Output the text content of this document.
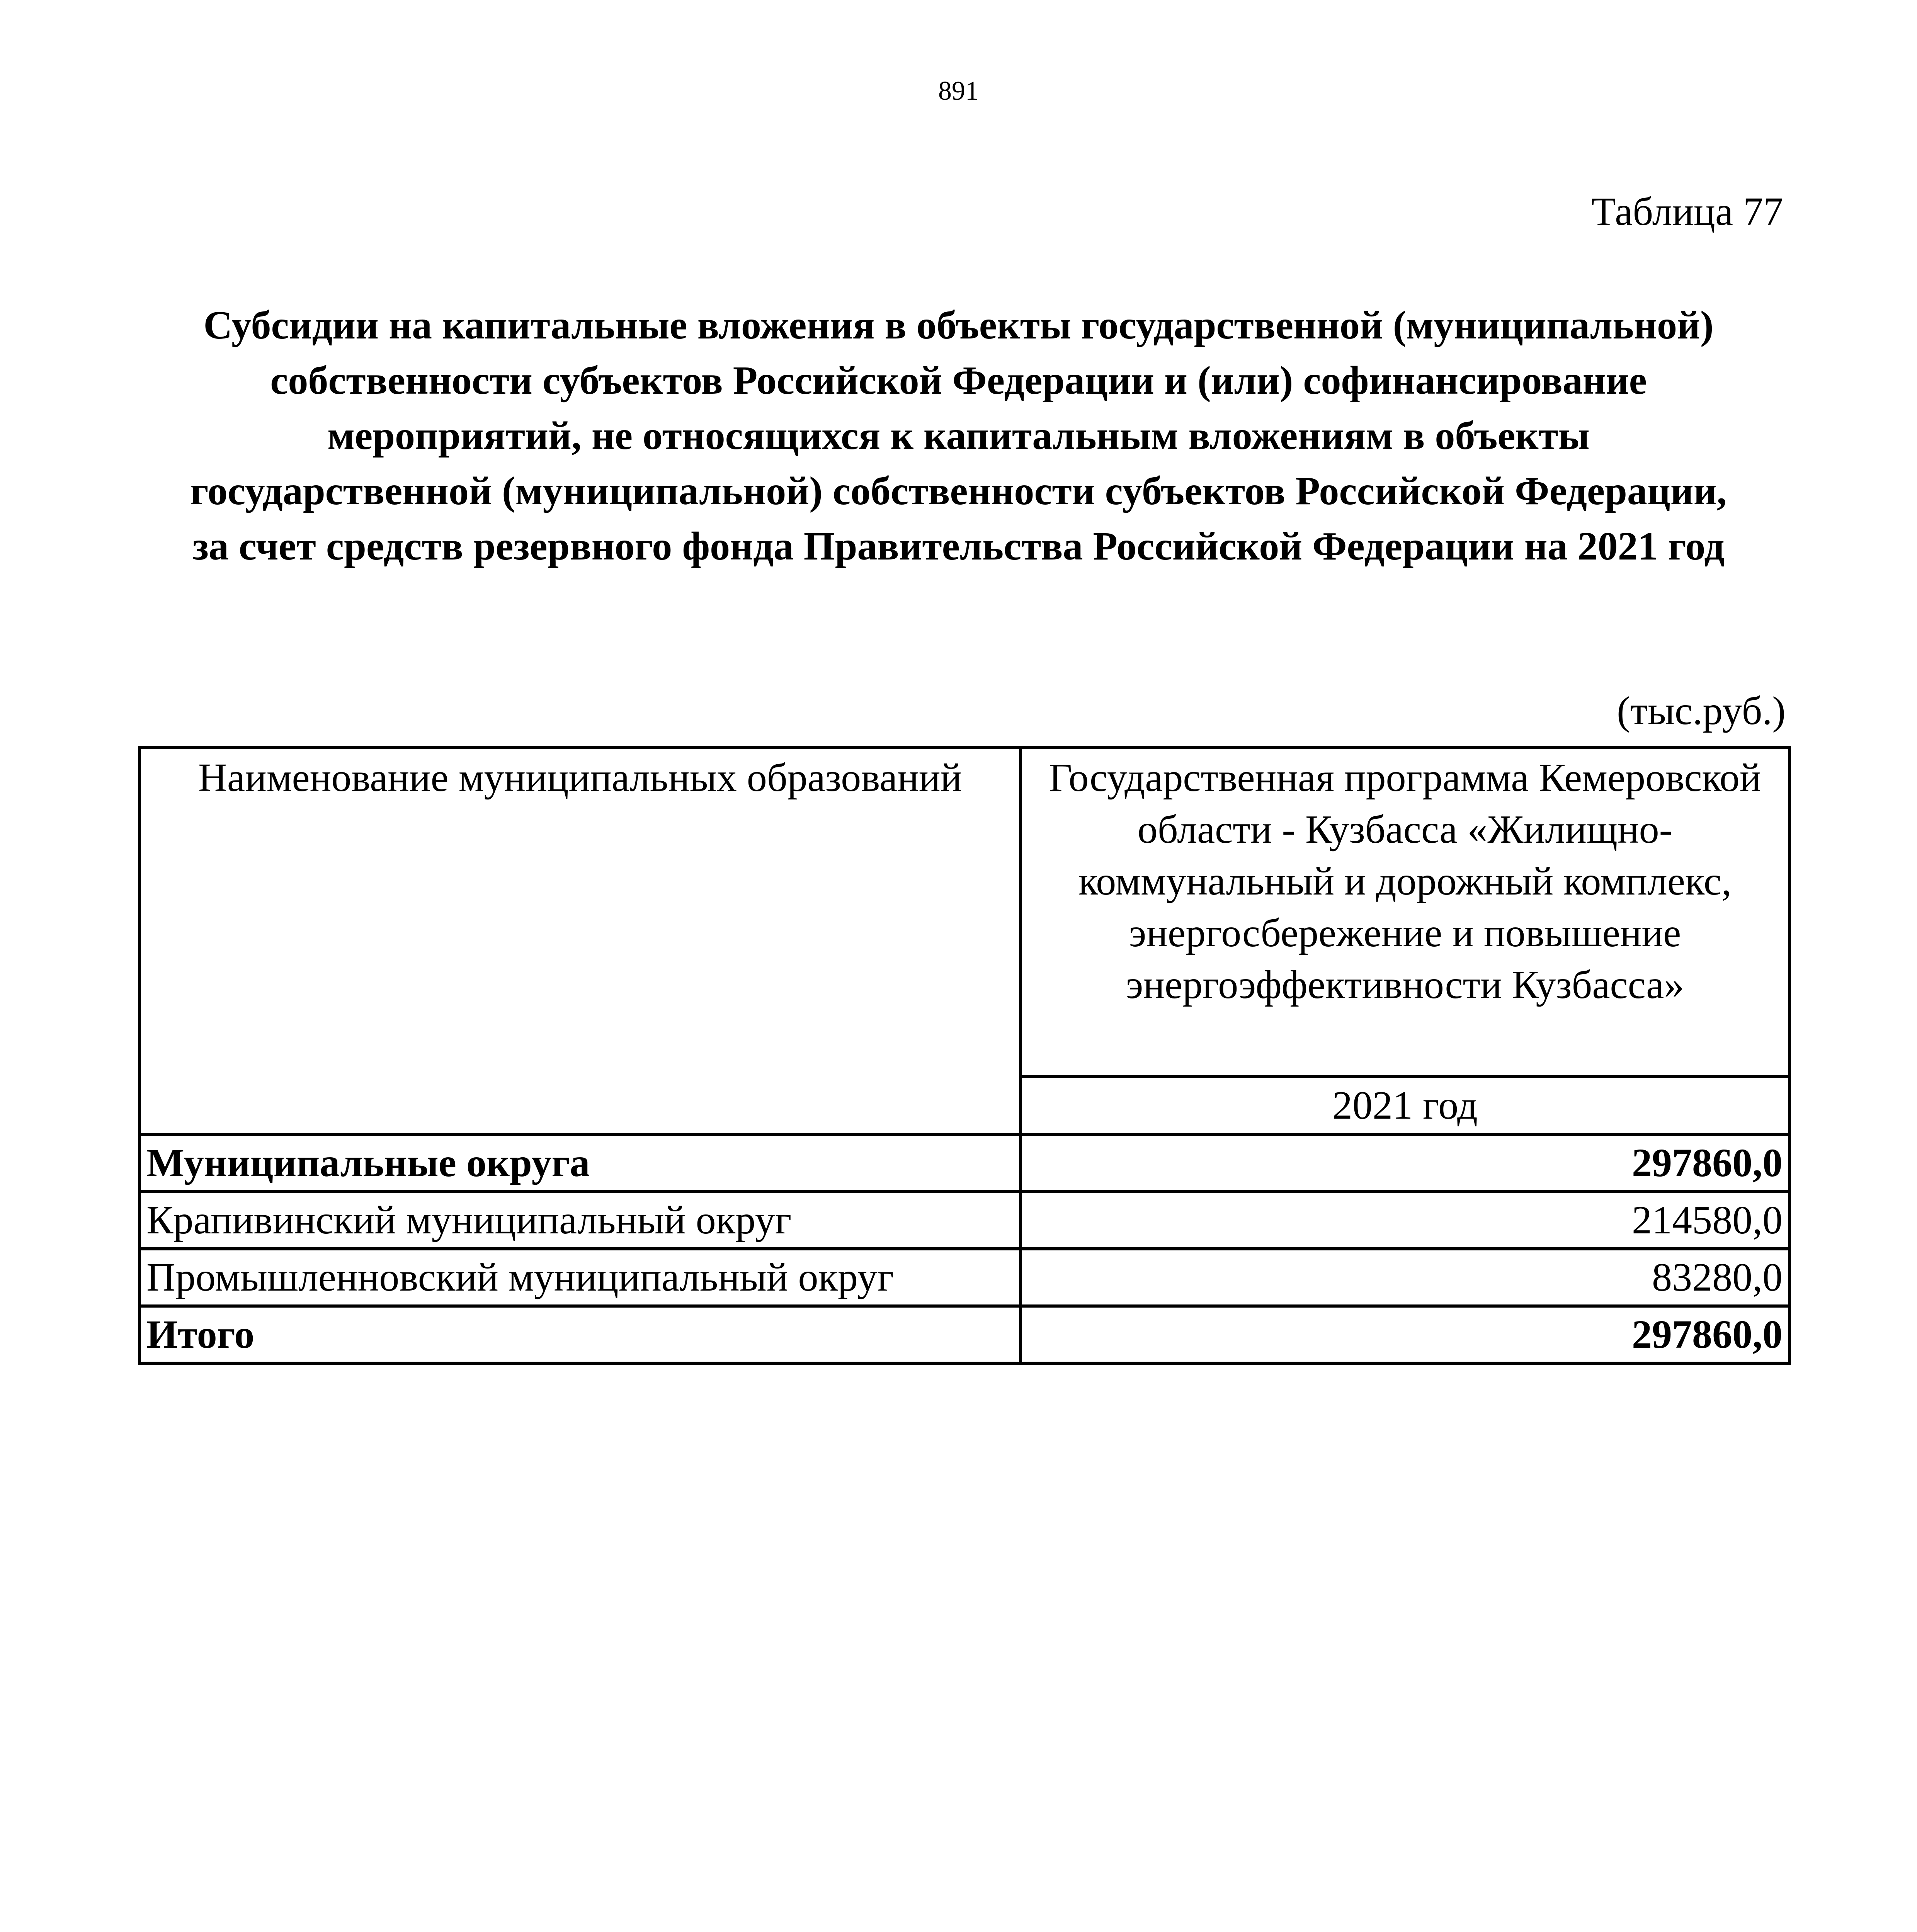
891
Таблица 77
Субсидии на капитальные вложения в объекты государственной (муниципальной)
собственности субъектов Российской Федерации и (или) софинансирование
мероприятий, не относящихся к капитальным вложениям в объекты
государственной (муниципальной) собственности субъектов Российской Федерации,
за счет средств резервного фонда Правительства Российской Федерации на 2021 год
(тыс.руб.)
Наименование муниципальных образований	Государственная программа Кемеровской области - Кузбасса «Жилищно-коммунальный и дорожный комплекс, энергосбережение и повышение энергоэффективности Кузбасса»
	2021 год
Муниципальные округа	297860,0
Крапивинский муниципальный округ	214580,0
Промышленновский муниципальный округ	83280,0
Итого	297860,0
